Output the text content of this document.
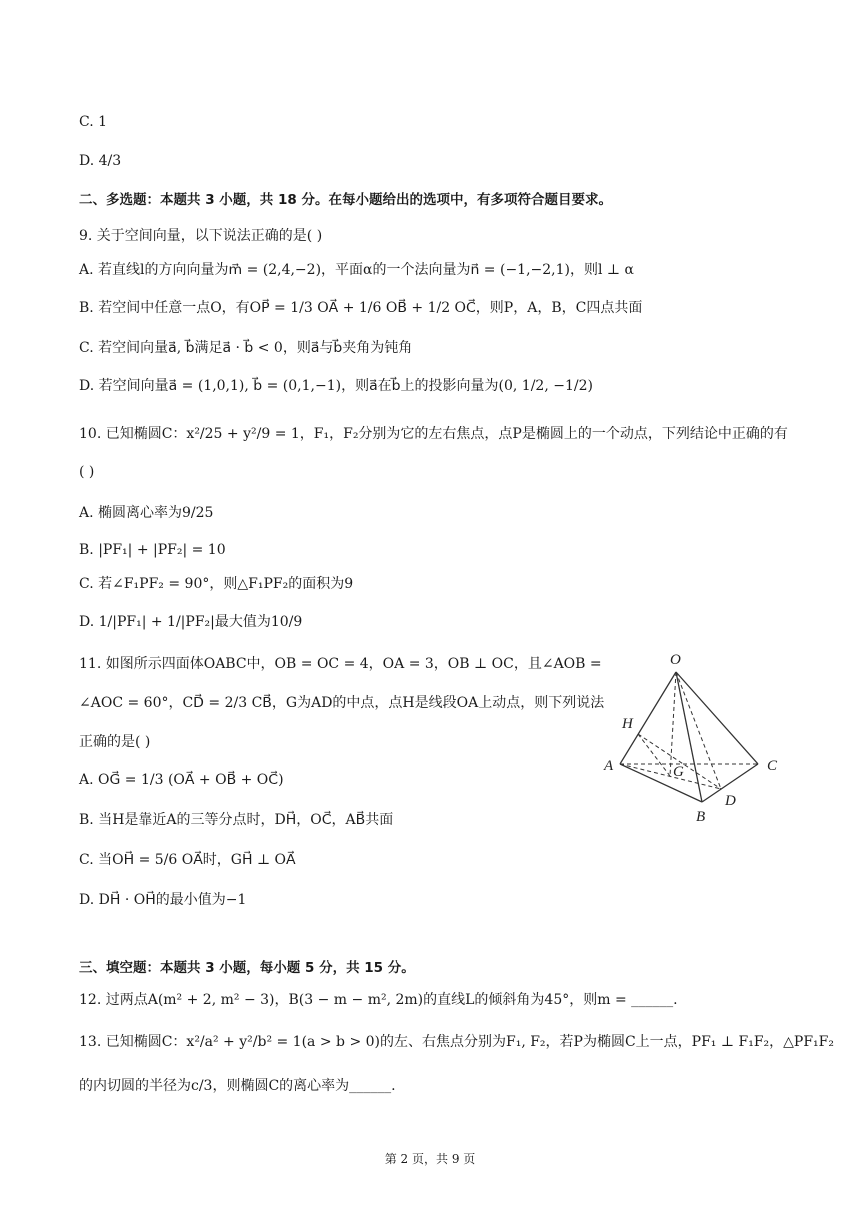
C. 1
D. 4/3
二、多选题：本题共 3 小题，共 18 分。在每小题给出的选项中，有多项符合题目要求。
9. 关于空间向量，以下说法正确的是( )
A. 若直线l的方向向量为m⃗ = (2,4,−2)，平面α的一个法向量为n⃗ = (−1,−2,1)，则l ⊥ α
B. 若空间中任意一点O，有OP⃗ = 1/3 OA⃗ + 1/6 OB⃗ + 1/2 OC⃗，则P，A，B，C四点共面
C. 若空间向量a⃗, b⃗满足a⃗ · b⃗ < 0，则a⃗与b⃗夹角为钝角
D. 若空间向量a⃗ = (1,0,1), b⃗ = (0,1,−1)，则a⃗在b⃗上的投影向量为(0, 1/2, −1/2)
10. 已知椭圆C：x²/25 + y²/9 = 1，F₁，F₂分别为它的左右焦点，点P是椭圆上的一个动点，下列结论中正确的有
( )
A. 椭圆离心率为9/25
B. |PF₁| + |PF₂| = 10
C. 若∠F₁PF₂ = 90°，则△F₁PF₂的面积为9
D. 1/|PF₁| + 1/|PF₂|最大值为10/9
11. 如图所示四面体OABC中，OB = OC = 4，OA = 3，OB ⊥ OC，且∠AOB =
∠AOC = 60°，CD⃗ = 2/3 CB⃗，G为AD的中点，点H是线段OA上动点，则下列说法
正确的是( )
A. OG⃗ = 1/3 (OA⃗ + OB⃗ + OC⃗)
B. 当H是靠近A的三等分点时，DH⃗，OC⃗，AB⃗共面
C. 当OH⃗ = 5/6 OA⃗时，GH⃗ ⊥ OA⃗
D. DH⃗ · OH⃗的最小值为−1
三、填空题：本题共 3 小题，每小题 5 分，共 15 分。
12. 过两点A(m² + 2, m² − 3)，B(3 − m − m², 2m)的直线L的倾斜角为45°，则m = ______.
13. 已知椭圆C：x²/a² + y²/b² = 1(a > b > 0)的左、右焦点分别为F₁, F₂，若P为椭圆C上一点，PF₁ ⊥ F₁F₂，△PF₁F₂
的内切圆的半径为c/3，则椭圆C的离心率为______.
O
H
A	G	C
D
B
第 2 页，共 9 页
